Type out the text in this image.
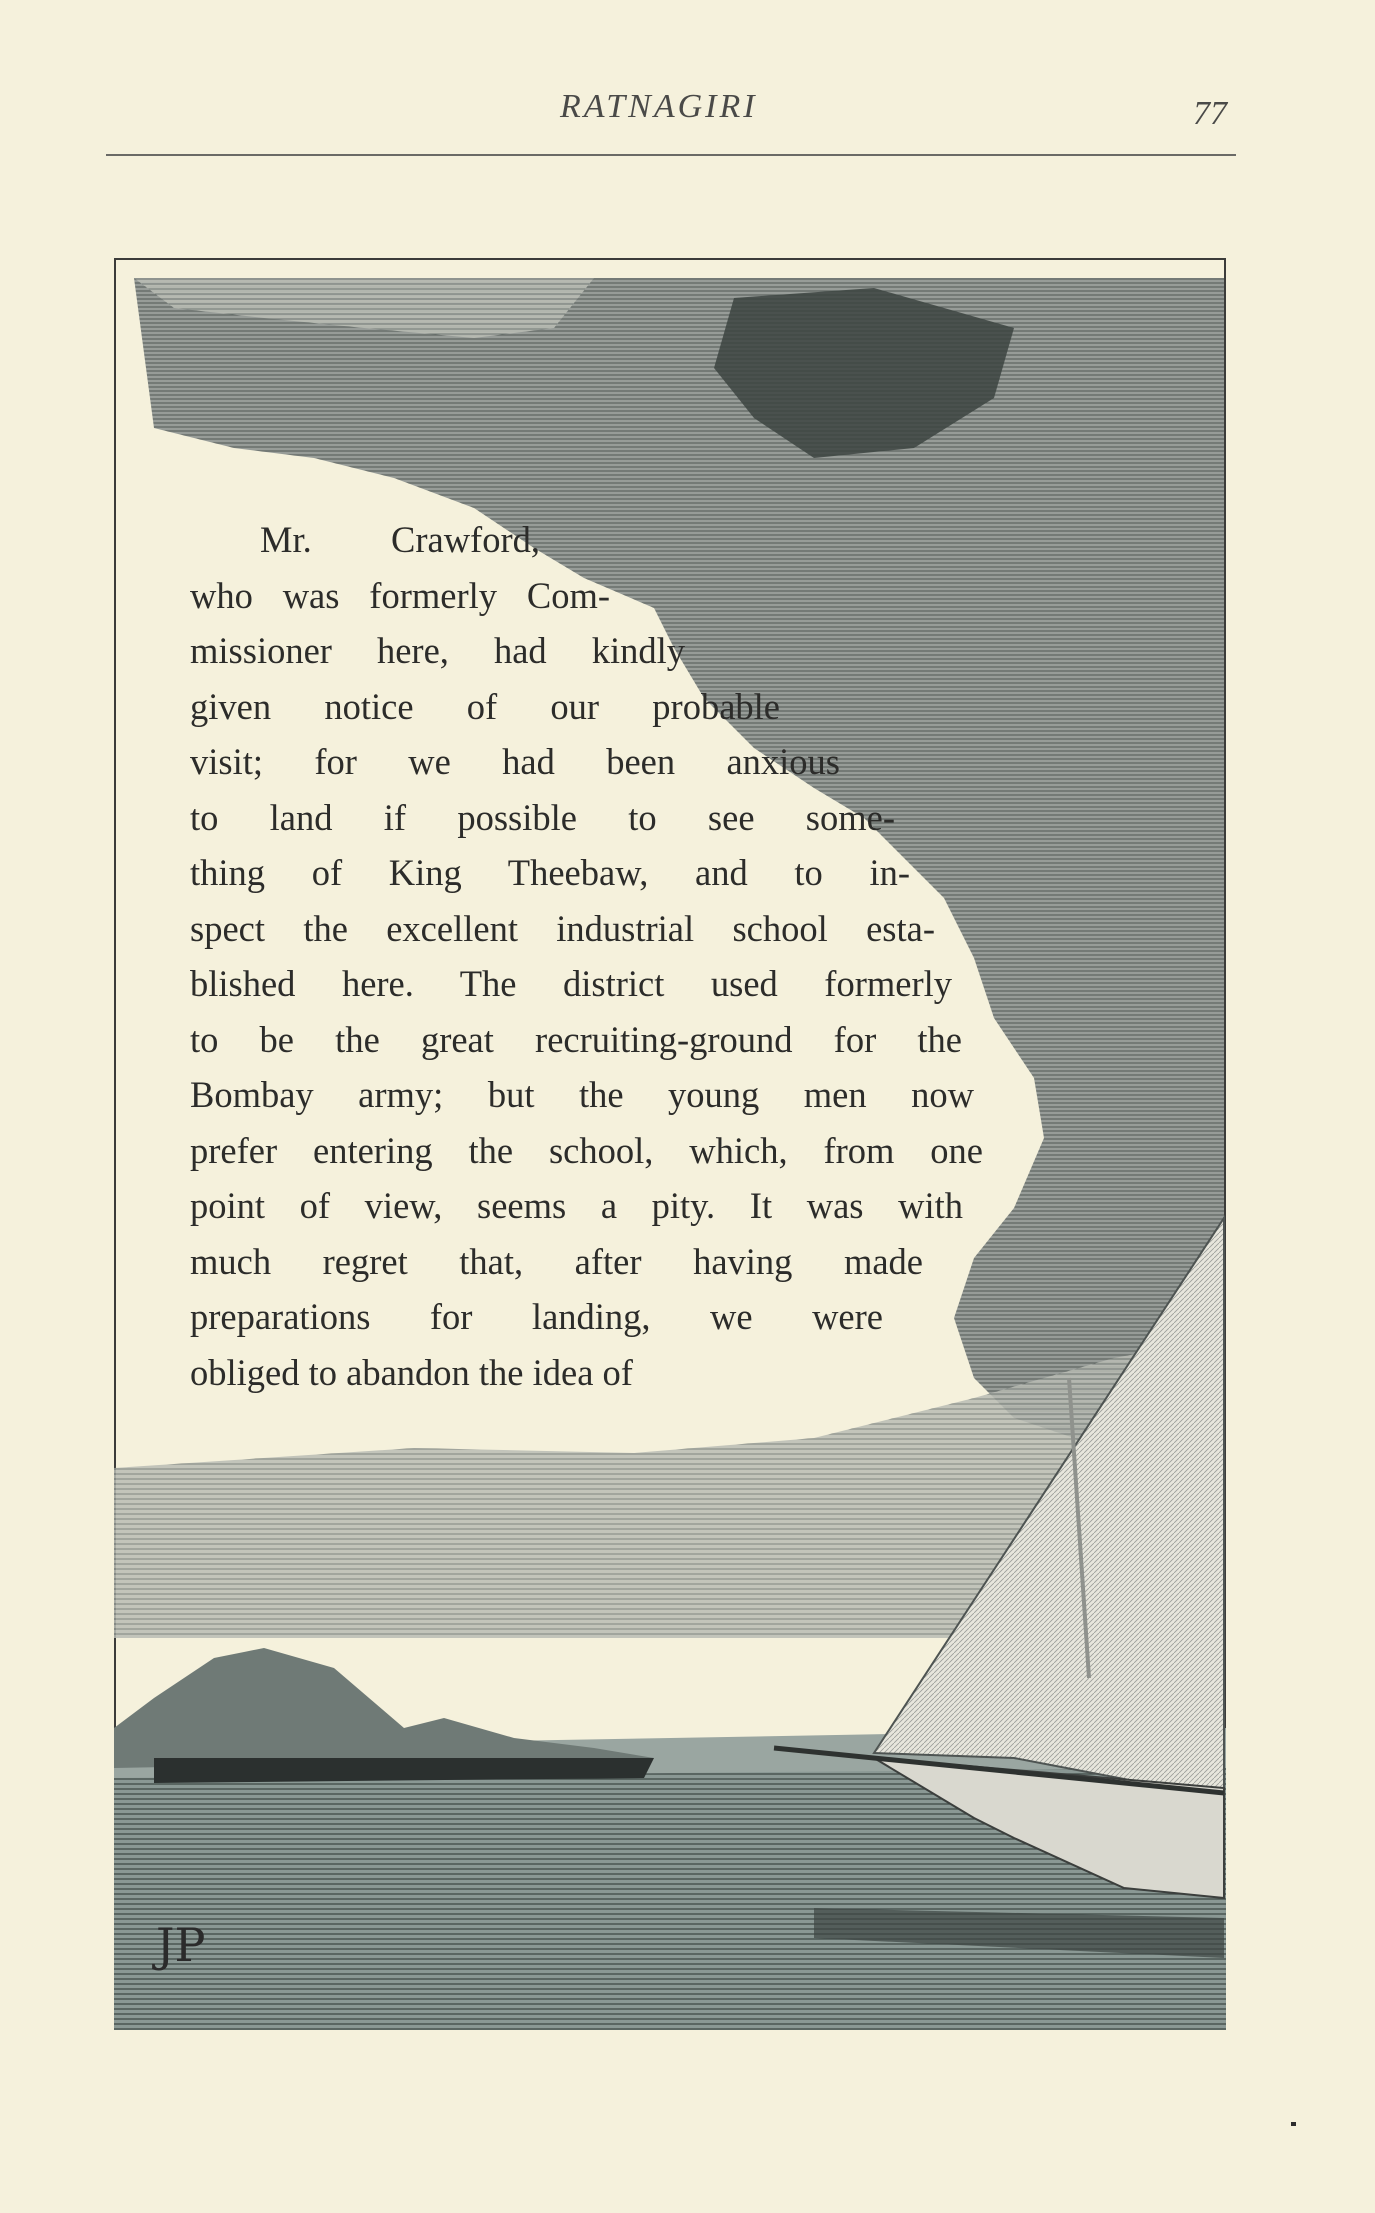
RATNAGIRI	77
Mr. Crawford,
who was formerly Com-
missioner here, had kindly
given notice of our probable
visit; for we had been anxious
to land if possible to see some-
thing of King Theebaw, and to in-
spect the excellent industrial school esta-
blished here. The district used formerly
to be the great recruiting-ground for the
Bombay army; but the young men now
prefer entering the school, which, from one
point of view, seems a pity. It was with
much regret that, after having made
preparations for landing, we were
obliged to abandon the idea of
JP
